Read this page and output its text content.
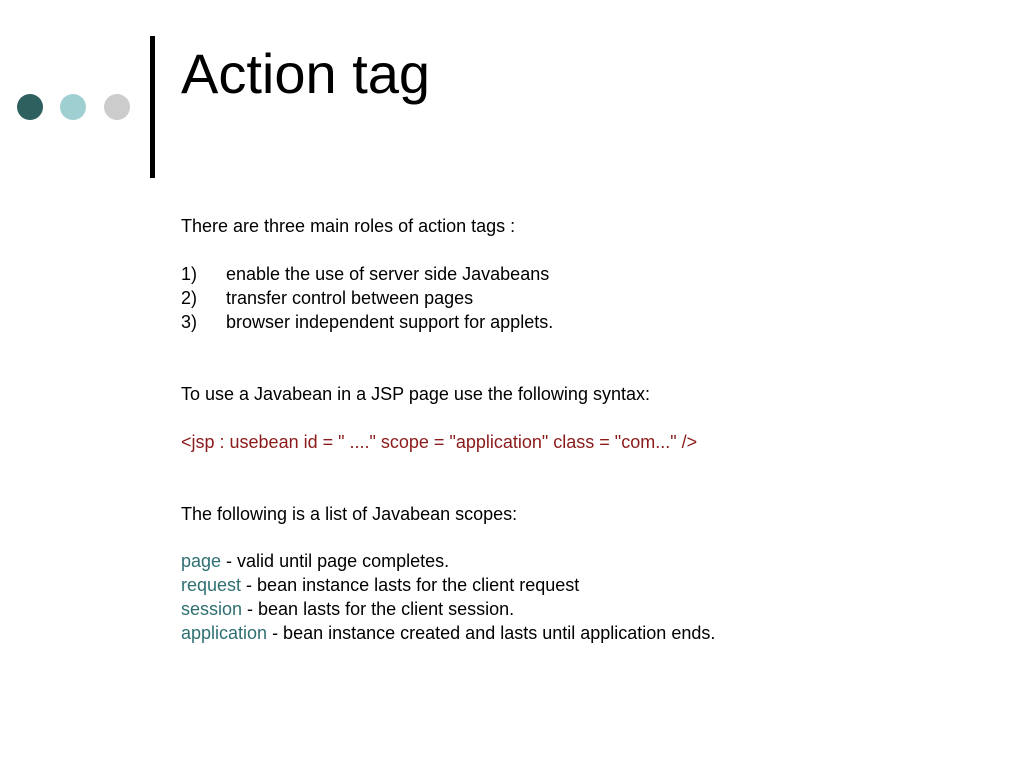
Action tag

There are three main roles of action tags :

1) enable the use of server side Javabeans
2) transfer control between pages
3) browser independent support for applets.

To use a Javabean in a JSP page use the following syntax:

<jsp : usebean id = " ...." scope = "application" class = "com..." />

The following is a list of Javabean scopes:

page - valid until page completes.
request - bean instance lasts for the client request
session - bean lasts for the client session.
application - bean instance created and lasts until application ends.
